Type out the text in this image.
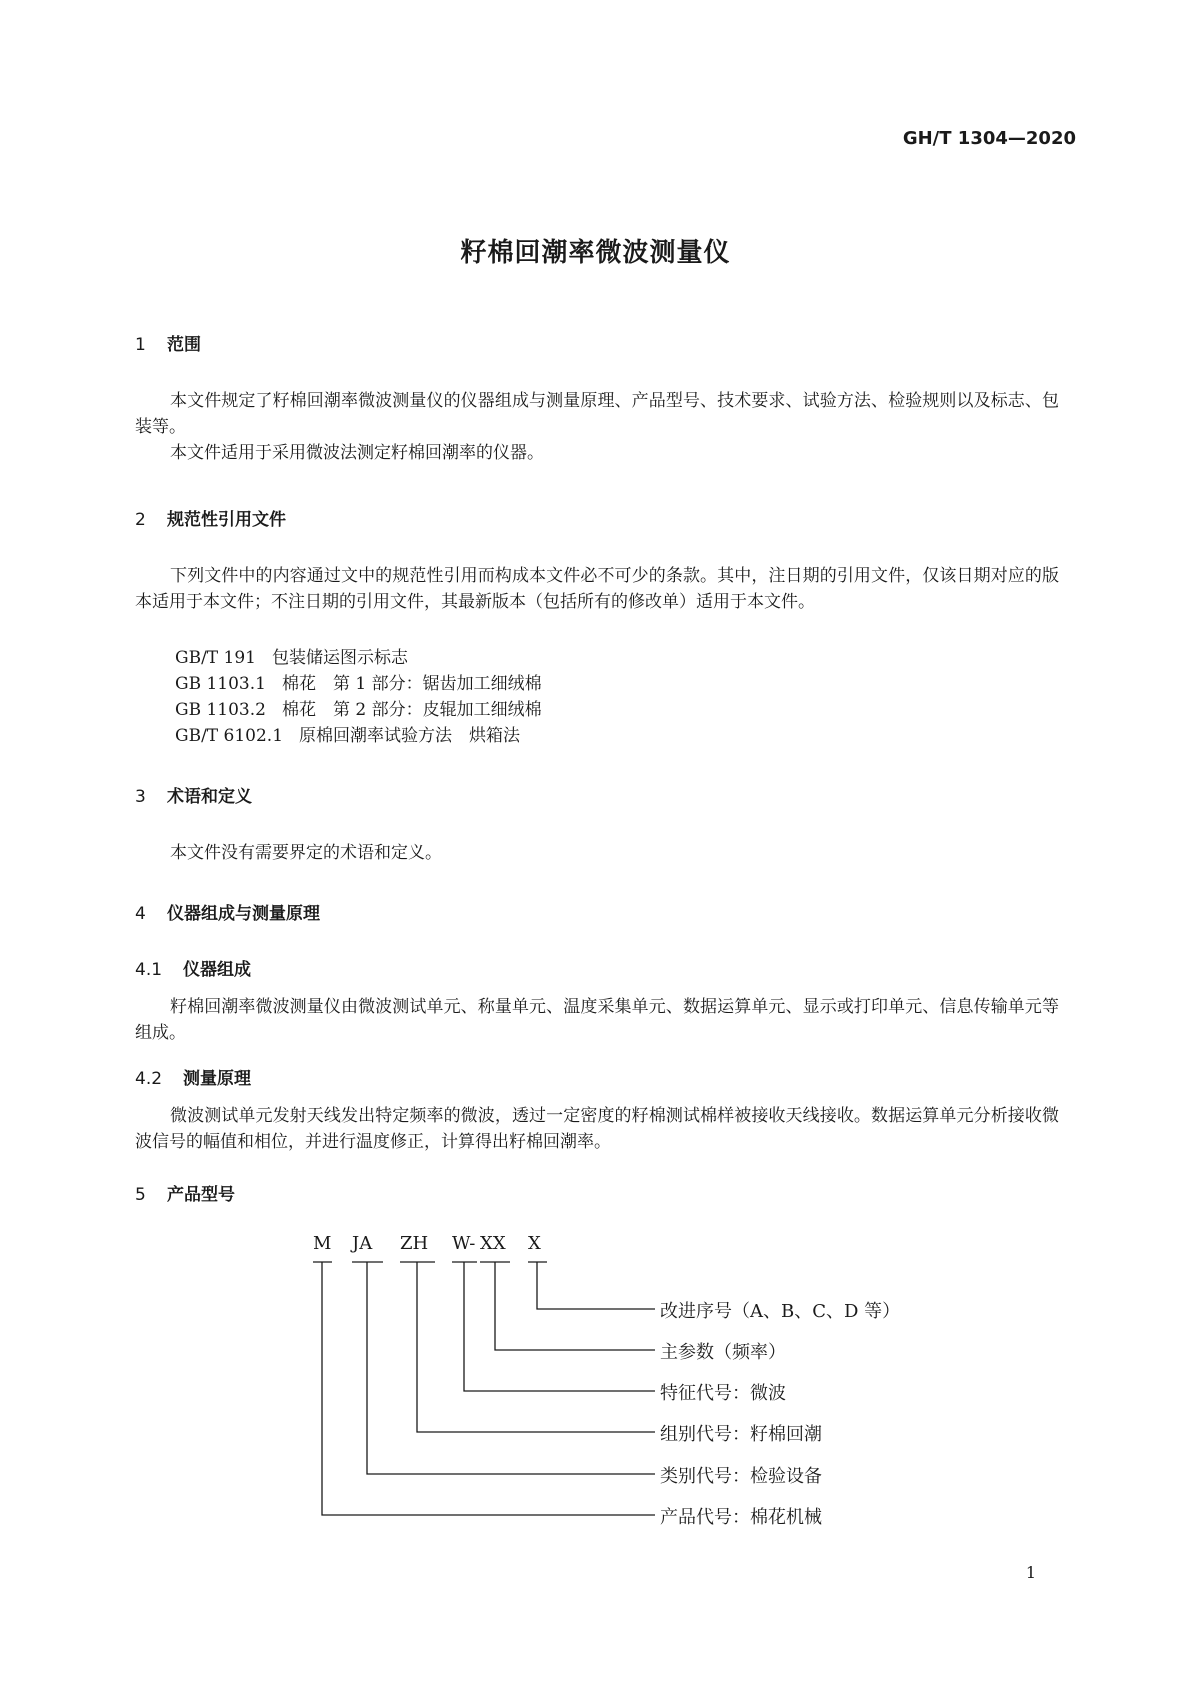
GH/T 1304—2020
籽棉回潮率微波测量仪
1 范围

本文件规定了籽棉回潮率微波测量仪的仪器组成与测量原理、产品型号、技术要求、试验方法、检验规则以及标志、包装等。

本文件适用于采用微波法测定籽棉回潮率的仪器。

2 规范性引用文件

下列文件中的内容通过文中的规范性引用而构成本文件必不可少的条款。其中，注日期的引用文件，仅该日期对应的版本适用于本文件；不注日期的引用文件，其最新版本（包括所有的修改单）适用于本文件。

GB/T 191 包装储运图示标志
GB 1103.1 棉花　第 1 部分：锯齿加工细绒棉
GB 1103.2 棉花　第 2 部分：皮辊加工细绒棉
GB/T 6102.1 原棉回潮率试验方法　烘箱法
3 术语和定义

本文件没有需要界定的术语和定义。

4 仪器组成与测量原理
4.1 仪器组成

籽棉回潮率微波测量仪由微波测试单元、称量单元、温度采集单元、数据运算单元、显示或打印单元、信息传输单元等组成。

4.2 测量原理

微波测试单元发射天线发出特定频率的微波，透过一定密度的籽棉测试棉样被接收天线接收。数据运算单元分析接收微波信号的幅值和相位，并进行温度修正，计算得出籽棉回潮率。

5 产品型号
M JA ZH W- XX X
改进序号（A、B、C、D 等）
主参数（频率）
特征代号：微波
组别代号：籽棉回潮
类别代号：检验设备
产品代号：棉花机械
1
